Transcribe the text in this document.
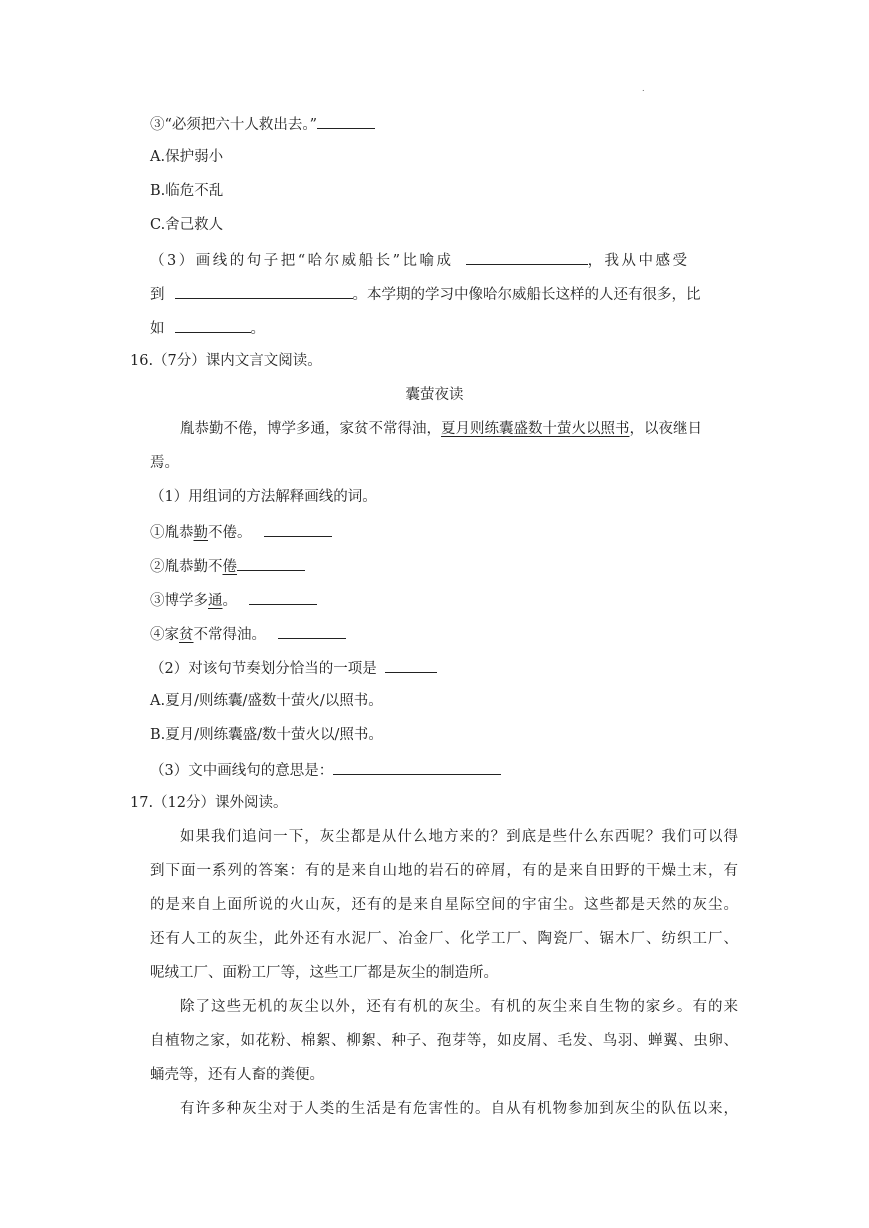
.
③“必须把六十人救出去。”
A.保护弱小
B.临危不乱
C.舍己救人
（3）画线的句子把“哈尔威船长”比喻成	，我从中感受
到	。本学期的学习中像哈尔威船长这样的人还有很多，比
如	。
16.（7分）课内文言文阅读。
囊萤夜读
胤恭勤不倦，博学多通，家贫不常得油，夏月则练囊盛数十萤火以照书，以夜继日
焉。
（1）用组词的方法解释画线的词。
①胤恭勤不倦。
②胤恭勤不倦
③博学多通。
④家贫不常得油。
（2）对该句节奏划分恰当的一项是
A.夏月/则练囊/盛数十萤火/以照书。
B.夏月/则练囊盛/数十萤火以/照书。
（3）文中画线句的意思是：
17.（12分）课外阅读。
如果我们追问一下，灰尘都是从什么地方来的？到底是些什么东西呢？我们可以得
到下面一系列的答案：有的是来自山地的岩石的碎屑，有的是来自田野的干燥土末，有
的是来自上面所说的火山灰，还有的是来自星际空间的宇宙尘。这些都是天然的灰尘。
还有人工的灰尘，此外还有水泥厂、冶金厂、化学工厂、陶瓷厂、锯木厂、纺织工厂、
呢绒工厂、面粉工厂等，这些工厂都是灰尘的制造所。
除了这些无机的灰尘以外，还有有机的灰尘。有机的灰尘来自生物的家乡。有的来
自植物之家，如花粉、棉絮、柳絮、种子、孢芽等，如皮屑、毛发、鸟羽、蝉翼、虫卵、
蛹壳等，还有人畜的粪便。
有许多种灰尘对于人类的生活是有危害性的。自从有机物参加到灰尘的队伍以来，
